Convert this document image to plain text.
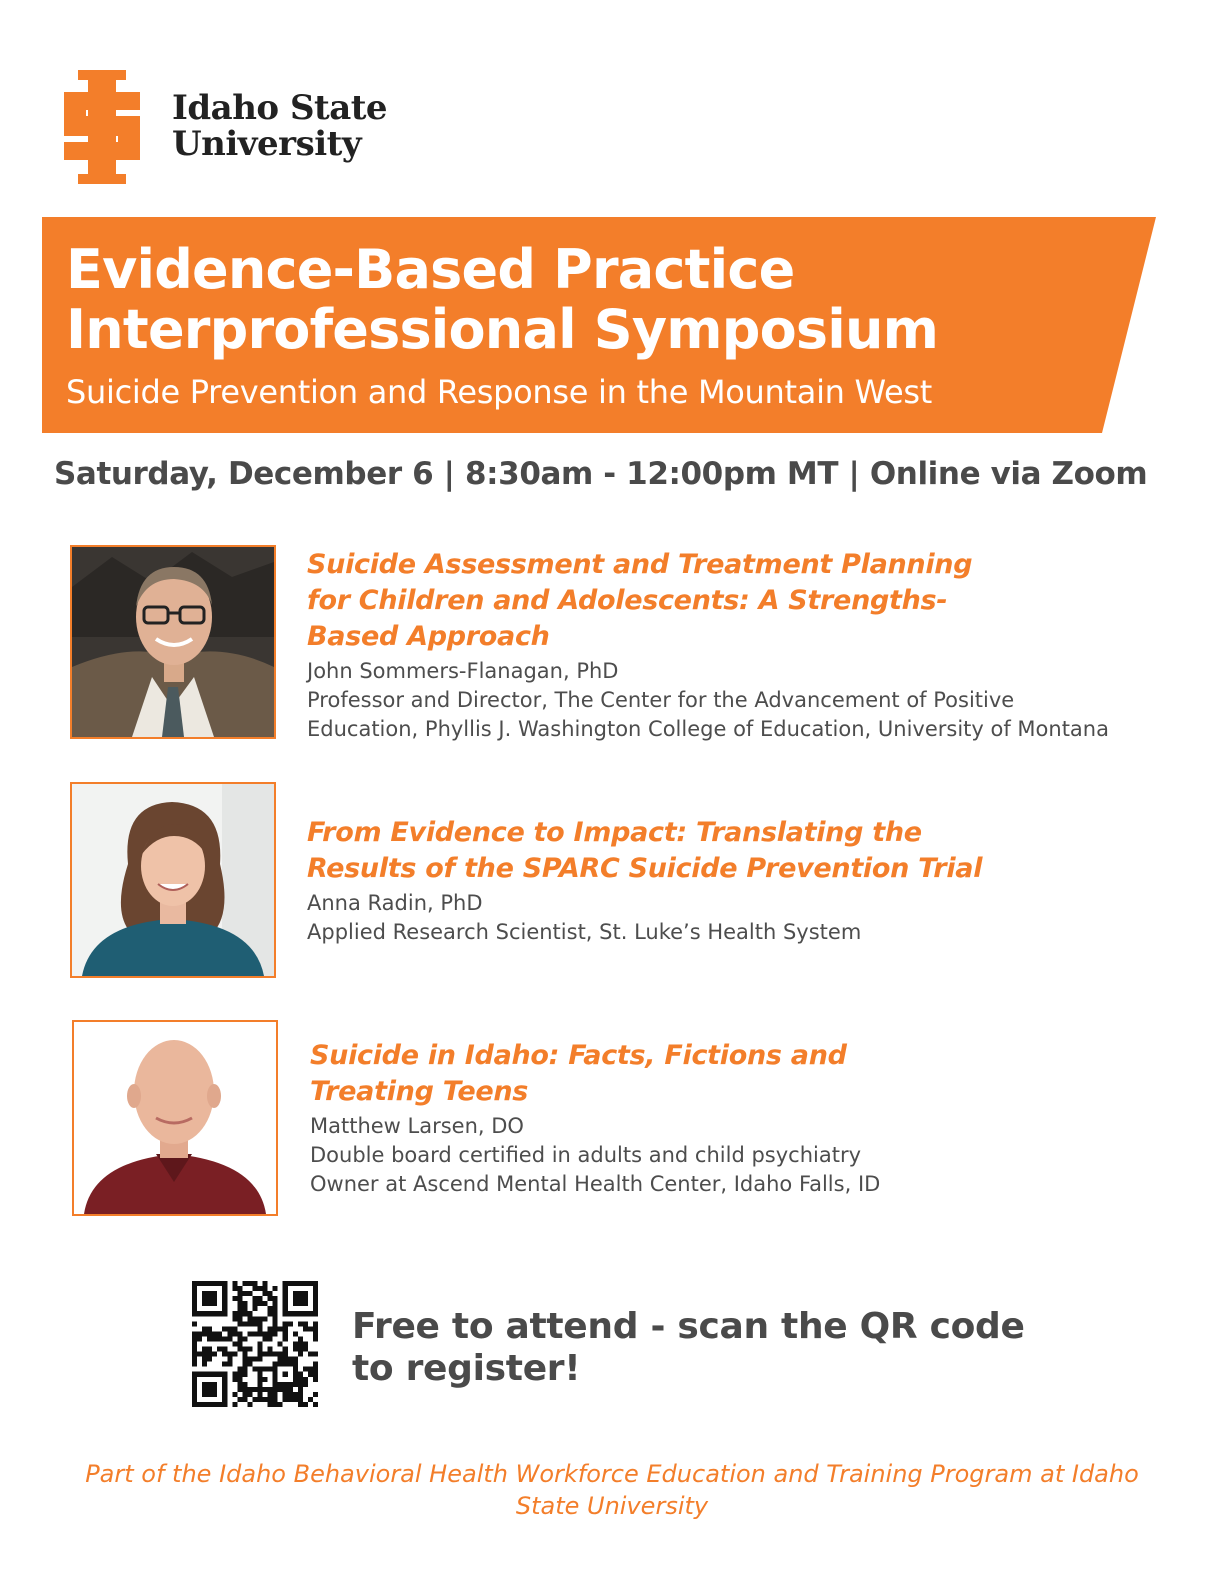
Idaho State
University
Evidence-Based Practice
Interprofessional Symposium
Suicide Prevention and Response in the Mountain West
Saturday, December 6 | 8:30am - 12:00pm MT | Online via Zoom
Suicide Assessment and Treatment Planning for Children and Adolescents: A Strengths-Based Approach
John Sommers-Flanagan, PhD
Professor and Director, The Center for the Advancement of Positive
Education, Phyllis J. Washington College of Education, University of Montana
From Evidence to Impact: Translating the Results of the SPARC Suicide Prevention Trial
Anna Radin, PhD
Applied Research Scientist, St. Luke’s Health System
Suicide in Idaho: Facts, Fictions and Treating Teens
Matthew Larsen, DO
Double board certified in adults and child psychiatry
Owner at Ascend Mental Health Center, Idaho Falls, ID
Free to attend - scan the QR code to register!
Part of the Idaho Behavioral Health Workforce Education and Training Program at Idaho State University
